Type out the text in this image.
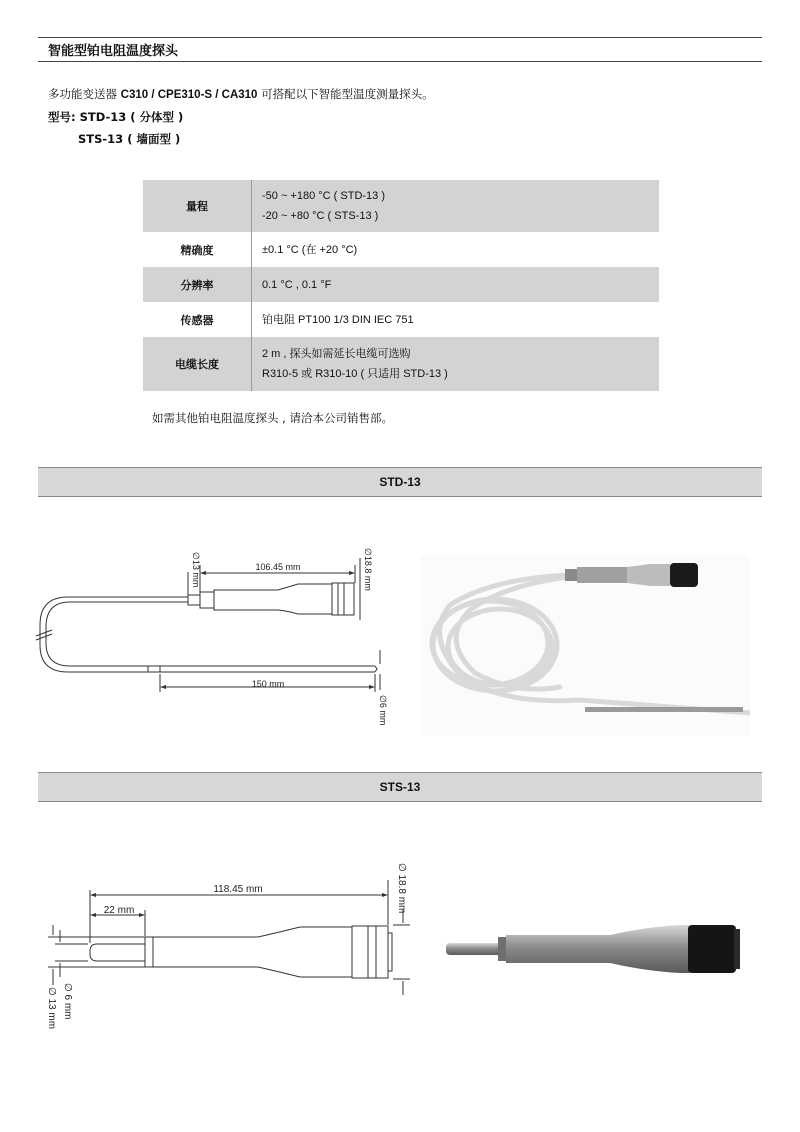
智能型铂电阻温度探头
多功能变送器 C310 / CPE310-S / CA310 可搭配以下智能型温度测量探头。
型号: STD-13 ( 分体型 )
STS-13 ( 墙面型 )
量程	-50 ~ +180 °C ( STD-13 )
-20 ~ +80 °C ( STS-13 )

精确度	±0.1 °C (在 +20 °C)

分辨率	0.1 °C , 0.1 °F

传感器	铂电阻 PT100 1/3 DIN IEC 751

电缆长度	2 m , 探头如需延长电缆可选购
R310-5 或 R310-10 ( 只适用 STD-13 )
如需其他铂电阻温度探头 , 请洽本公司销售部。
STD-13
106.45 mm
150 mm
∅13 mm	∅18.8 mm
∅6 mm
STS-13
118.45 mm
22 mm	∅ 18.8 mm
∅ 6 mm
∅ 13 mm
